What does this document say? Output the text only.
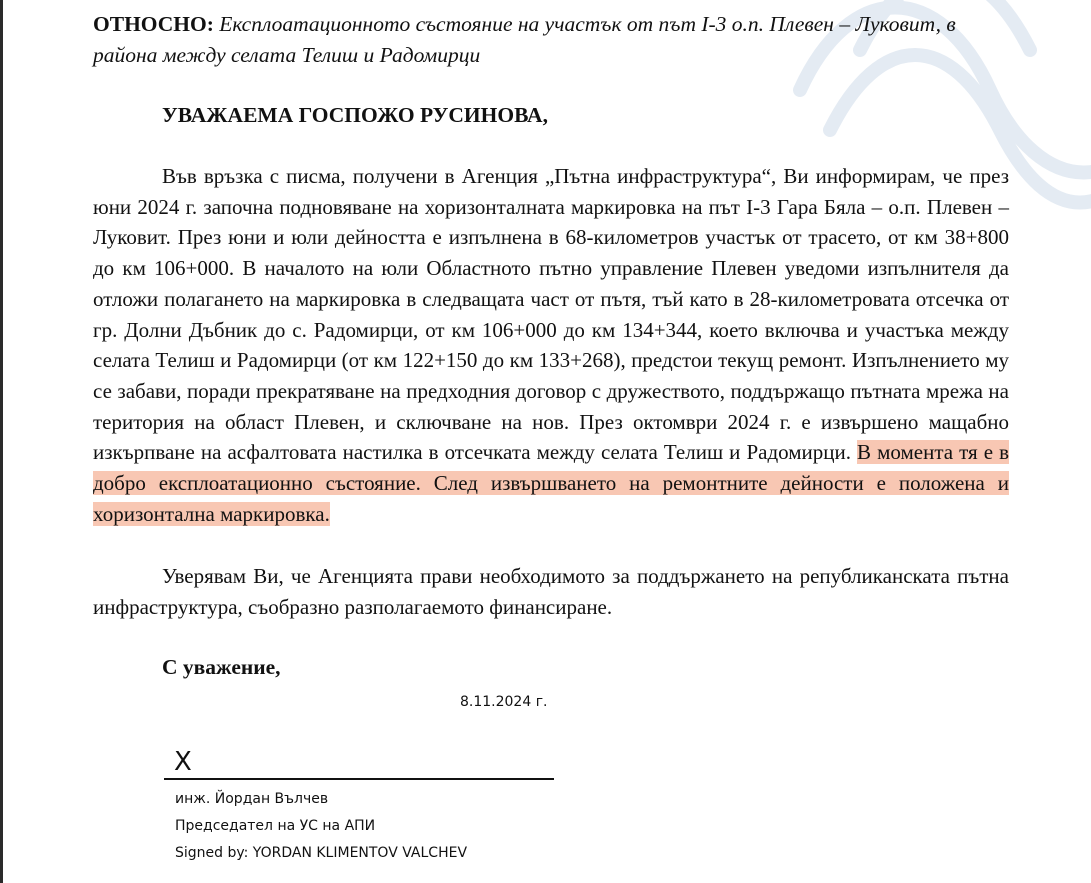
ОТНОСНО: Експлоатационното състояние на участък от път I-3 о.п. Плевен – Луковит, в района между селата Телиш и Радомирци
УВАЖАЕМА ГОСПОЖО РУСИНОВА,

Във връзка с писма, получени в Агенция „Пътна инфраструктура“, Ви информирам, че през юни 2024 г. започна подновяване на хоризонталната маркировка на път I-3 Гара Бяла – о.п. Плевен – Луковит. През юни и юли дейността е изпълнена в 68-километров участък от трасето, от км 38+800 до км 106+000. В началото на юли Областното пътно управление Плевен уведоми изпълнителя да отложи полагането на маркировка в следващата част от пътя, тъй като в 28-километровата отсечка от гр. Долни Дъбник до с. Радомирци, от км 106+000 до км 134+344, което включва и участъка между селата Телиш и Радомирци (от км 122+150 до км 133+268), предстои текущ ремонт. Изпълнението му се забави, поради прекратяване на предходния договор с дружеството, поддържащо пътната мрежа на територия на област Плевен, и сключване на нов. През октомври 2024 г. е извършено мащабно изкърпване на асфалтовата настилка в отсечката между селата Телиш и Радомирци. В момента тя е в добро експлоатационно състояние. След извършването на ремонтните дейности е положена и хоризонтална маркировка.

Уверявам Ви, че Агенцията прави необходимото за поддържането на републиканската пътна инфраструктура, съобразно разполагаемото финансиране.

С уважение,
8.11.2024 г.
X
инж. Йордан Вълчев
Председател на УС на АПИ
Signed by: YORDAN KLIMENTOV VALCHEV
